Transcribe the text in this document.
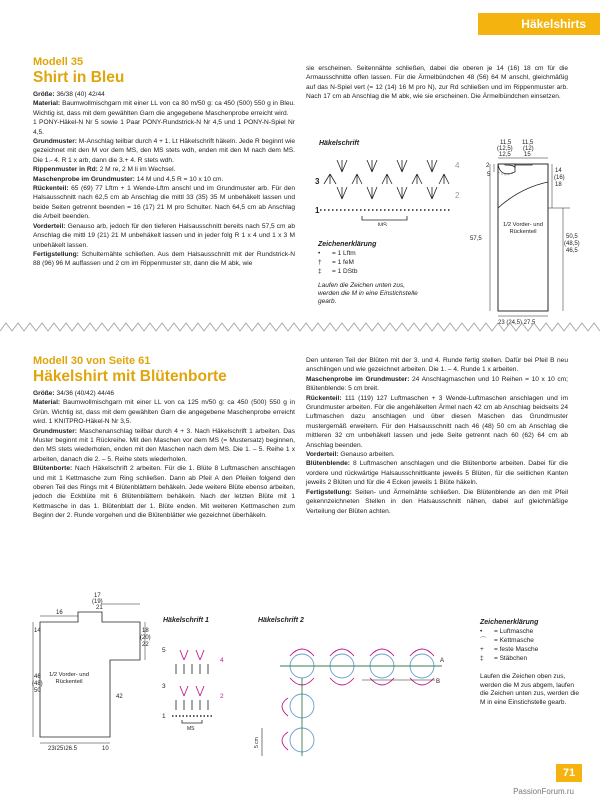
Häkelshirts
Modell 35
Shirt in Bleu

Größe: 36/38 (40) 42/44

Material: Baumwollmischgarn mit einer LL von ca 80 m/50 g: ca 450 (500) 550 g in Bleu. Wichtig ist, dass mit dem gewählten Garn die angegebene Maschenprobe erreicht wird.

1 PONY-Häkel-N Nr 5 sowie 1 Paar PONY-Rundstrick-N Nr 4,5 und 1 PONY-N-Spiel Nr 4,5.

Grundmuster: M-Anschlag teilbar durch 4 + 1. Lt Häkelschrift häkeln. Jede R beginnt wie gezeichnet mit den M vor dem MS, den MS stets wdh, enden mit den M nach dem MS. Die 1.- 4. R 1 x arb, dann die 3.+ 4. R stets wdh.

Rippenmuster in Rd: 2 M re, 2 M li im Wechsel.

Maschenprobe im Grundmuster: 14 M und 4,5 R = 10 x 10 cm.

Rückenteil: 65 (69) 77 Lftm + 1 Wende-Lftm anschl und im Grundmuster arb. Für den Halsausschnitt nach 62,5 cm ab Anschlag die mittl 33 (35) 35 M unbehäkelt lassen und beide Seiten getrennt beenden = 16 (17) 21 M pro Schulter. Nach 64,5 cm ab Anschlag die Arbeit beenden.

Vorderteil: Genauso arb, jedoch für den tieferen Halsausschnitt bereits nach 57,5 cm ab Anschlag die mittl 19 (21) 21 M unbehäkelt lassen und in jeder folg R 1 x 4 und 1 x 3 M unbehäkelt lassen.

Fertigstellung: Schulternähte schließen. Aus dem Halsausschnitt mit der Rundstrick-N 88 (96) 96 M auffassen und 2 cm im Rippenmuster str, dann die M abk, wie

sie erscheinen. Seitennähte schließen, dabei die oberen je 14 (16) 18 cm für die Armausschnitte offen lassen. Für die Ärmelbündchen 48 (56) 64 M anschl, gleichmäßig auf das N-Spiel vert (= 12 (14) 16 M pro N), zur Rd schließen und im Rippenmuster arb. Nach 17 cm ab Anschlag die M abk, wie sie erscheinen. Die Ärmelbündchen einsetzen.
Häkelschrift
3
1
4
2
MS
Zeichenerklärung
• = 1 Lftm
† = 1 feM
‡ = 1 DStb
Laufen die Zeichen unten zus, werden die M in eine Einstichstelle gearb.
11,5 (12,5) 12,5 11,5 (12) 15 2 5 14 (16) 18 57,5	50,5 (48,5) 46,5 23 (24,5) 27,5
1/2 Vorder- und Rückenteil
Modell 30 von Seite 61
Häkelshirt mit Blütenborte

Größe: 34/36 (40/42) 44/46

Material: Baumwollmischgarn mit einer LL von ca 125 m/50 g: ca 450 (500) 550 g in Grün. Wichtig ist, dass mit dem gewählten Garn die angegebene Maschenprobe erreicht wird. 1 KNITPRO-Häkel-N Nr 3,5.

Grundmuster: Maschenanschlag teilbar durch 4 + 3. Nach Häkelschrift 1 arbeiten. Das Muster beginnt mit 1 Rückreihe. Mit den Maschen vor dem MS (= Mustersatz) beginnen, den MS stets wiederholen, enden mit den Maschen nach dem MS. Die 1. – 5. Reihe 1 x arbeiten, danach die 2. – 5. Reihe stets wiederholen.

Blütenborte: Nach Häkelschrift 2 arbeiten. Für die 1. Blüte 8 Luftmaschen anschlagen und mit 1 Kettmasche zum Ring schließen. Dann ab Pfeil A den Pfeilen folgend den oberen Teil des Rings mit 4 Blütenblättern behäkeln. Jede weitere Blüte ebenso arbeiten, jedoch die Eckblüte mit 6 Blütenblättern behäkeln. Nach der letzten Blüte mit 1 Kettmasche in das 1. Blütenblatt der 1. Blüte enden. Mit weiteren Kettmaschen zum Beginn der 2. Runde vorgehen und die Blütenblätter wie gezeichnet überhäkeln.

Den unteren Teil der Blüten mit der 3. und 4. Runde fertig stellen. Dafür bei Pfeil B neu anschlingen und wie gezeichnet arbeiten. Die 1. – 4. Runde 1 x arbeiten.

Maschenprobe im Grundmuster: 24 Anschlagmaschen und 10 Reihen = 10 x 10 cm; Blütenblende: 5 cm breit.

Rückenteil: 111 (119) 127 Luftmaschen + 3 Wende-Luftmaschen anschlagen und im Grundmuster arbeiten. Für die angehäkelten Ärmel nach 42 cm ab Anschlag beidseits 24 Luftmaschen dazu anschlagen und über diesen Maschen das Grundmuster mustergemäß erweitern. Für den Halsausschnitt nach 46 (48) 50 cm ab Anschlag die mittleren 32 cm unbehäkelt lassen und jede Seite getrennt nach 60 (62) 64 cm ab Anschlag beenden.

Vorderteil: Genauso arbeiten.

Blütenblende: 8 Luftmaschen anschlagen und die Blütenborte arbeiten. Dabei für die vordere und rückwärtige Halsausschnittkante jeweils 5 Blüten, für die seitlichen Kanten jeweils 2 Blüten und für die 4 Ecken jeweils 1 Blüte häkeln.

Fertigstellung: Seiten- und Ärmelnähte schließen. Die Blütenblende an den mit Pfeil gekennzeichneten Stellen in den Halsausschnitt nähen, dabei auf gleichmäßige Verteilung der Blüten achten.

17 (19) 21 16 14	18 (20) 22 46 (48) 50 42 23(25)26,5	10
1/2 Vorder- und Rückenteil
Häkelschrift 1
5 3 1
4 2
MS
Häkelschrift 2
A B
5 cm
Zeichenerklärung
• = Luftmasche
⌒ = Kettmasche
+ = feste Masche
‡ = Stäbchen
Laufen die Zeichen oben zus, werden die M zus abgem, laufen die Zeichen unten zus, werden die M in eine Einstichstelle gearb.
71
PassionForum.ru
